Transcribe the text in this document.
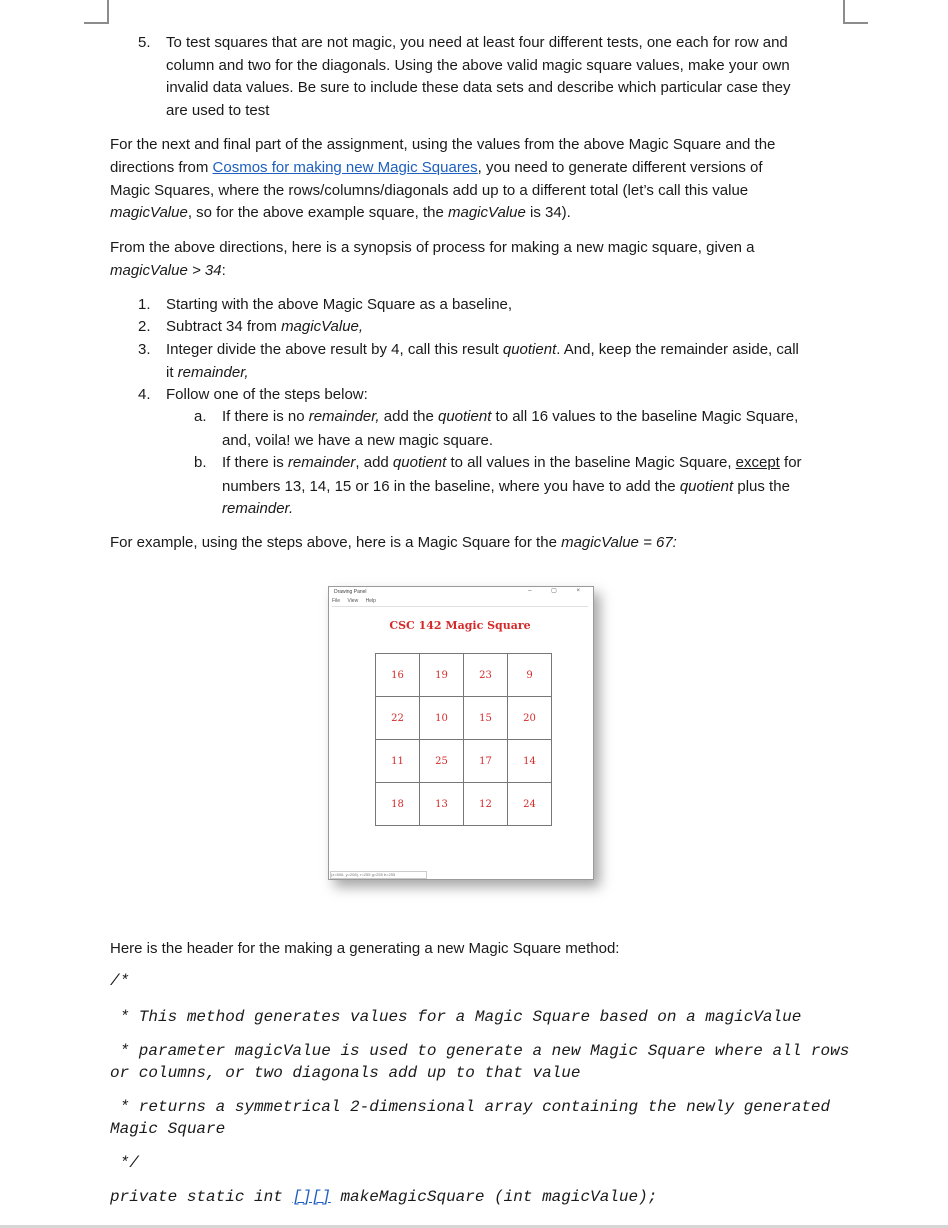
5. To test squares that are not magic, you need at least four different tests, one each for row and

column and two for the diagonals. Using the above valid magic square values, make your own

invalid data values. Be sure to include these data sets and describe which particular case they

are used to test

For the next and final part of the assignment, using the values from the above Magic Square and the

directions from Cosmos for making new Magic Squares, you need to generate different versions of

Magic Squares, where the rows/columns/diagonals add up to a different total (let’s call this value

magicValue, so for the above example square, the magicValue is 34).

From the above directions, here is a synopsis of process for making a new magic square, given a

magicValue > 34:

1. Starting with the above Magic Square as a baseline,

2. Subtract 34 from magicValue,

3. Integer divide the above result by 4, call this result quotient. And, keep the remainder aside, call

it remainder,

4. Follow one of the steps below:

a. If there is no remainder, add the quotient to all 16 values to the baseline Magic Square,

and, voila! we have a new magic square.

b. If there is remainder, add quotient to all values in the baseline Magic Square, except for

numbers 13, 14, 15 or 16 in the baseline, where you have to add the quotient plus the

remainder.

For example, using the steps above, here is a Magic Square for the magicValue = 67:

Drawing Panel	– ▢ ×
File View Help
CSC 142 Magic Square
16	19	23	9
22	10	15	20
11	25	17	14
18	13	12	24
(x=506, y=208), r=255 g=255 b=255

Here is the header for the making a generating a new Magic Square method:

/*
* This method generates values for a Magic Square based on a magicValue
* parameter magicValue is used to generate a new Magic Square where all rows
or columns, or two diagonals add up to that value
* returns a symmetrical 2-dimensional array containing the newly generated
Magic Square
*/
private static int [][] makeMagicSquare (int magicValue);
